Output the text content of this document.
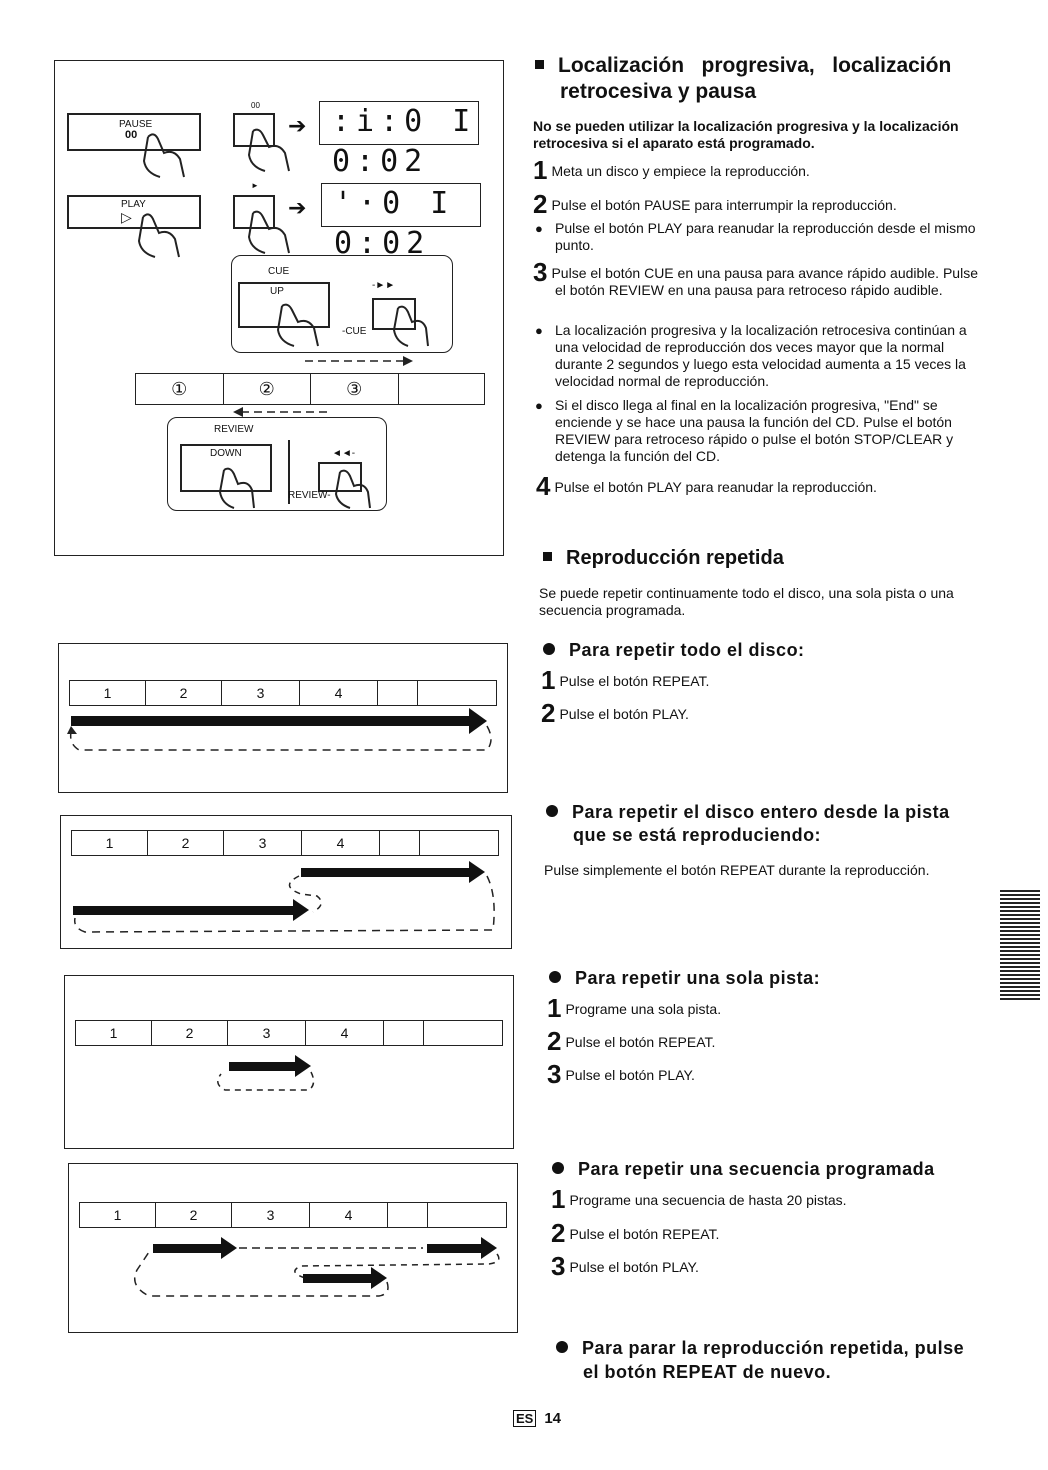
PAUSE
00
00
➔ :i:0 I 0:02
PLAY
▷
►
➔ '·0 I 0:02
CUE
UP
-►►
-CUE
①	②	③
REVIEW
DOWN	◄◄-
REVIEW-
1	2	3	4
1	2	3	4
1	2	3	4
1	2	3	4
Localización   progresiva,   localización
retrocesiva y pausa

No se pueden utilizar la localización progresiva y la localización retrocesiva si el aparato está programado.

1 Meta un disco y empiece la reproducción.
2 Pulse el botón PAUSE para interrumpir la reproducción.
● Pulse el botón PLAY para reanudar la reproducción desde el mismo punto.
3 Pulse el botón CUE en una pausa para avance rápido audible. Pulse el botón REVIEW en una pausa para retroceso rápido audible.
● La localización progresiva y la localización retrocesiva continúan a una velocidad de reproducción dos veces mayor que la normal durante 2 segundos y luego esta velocidad aumenta a 15 veces la velocidad normal de reproducción.
● Si el disco llega al final en la localización progresiva, "End" se enciende y se hace una pausa la función del CD. Pulse el botón REVIEW para retroceso rápido o pulse el botón STOP/CLEAR y detenga la función del CD.
4 Pulse el botón PLAY para reanudar la reproducción.
Reproducción repetida

Se puede repetir continuamente todo el disco, una sola pista o una secuencia programada.

Para repetir todo el disco:
1 Pulse el botón REPEAT.
2 Pulse el botón PLAY.
Para repetir el disco entero desde la pista
que se está reproduciendo:

Pulse simplemente el botón REPEAT durante la reproducción.

Para repetir una sola pista:
1 Programe una sola pista.
2 Pulse el botón REPEAT.
3 Pulse el botón PLAY.
Para repetir una secuencia programada
1 Programe una secuencia de hasta 20 pistas.
2 Pulse el botón REPEAT.
3 Pulse el botón PLAY.
Para parar la reproducción repetida, pulse
el botón REPEAT de nuevo.
ES 14
